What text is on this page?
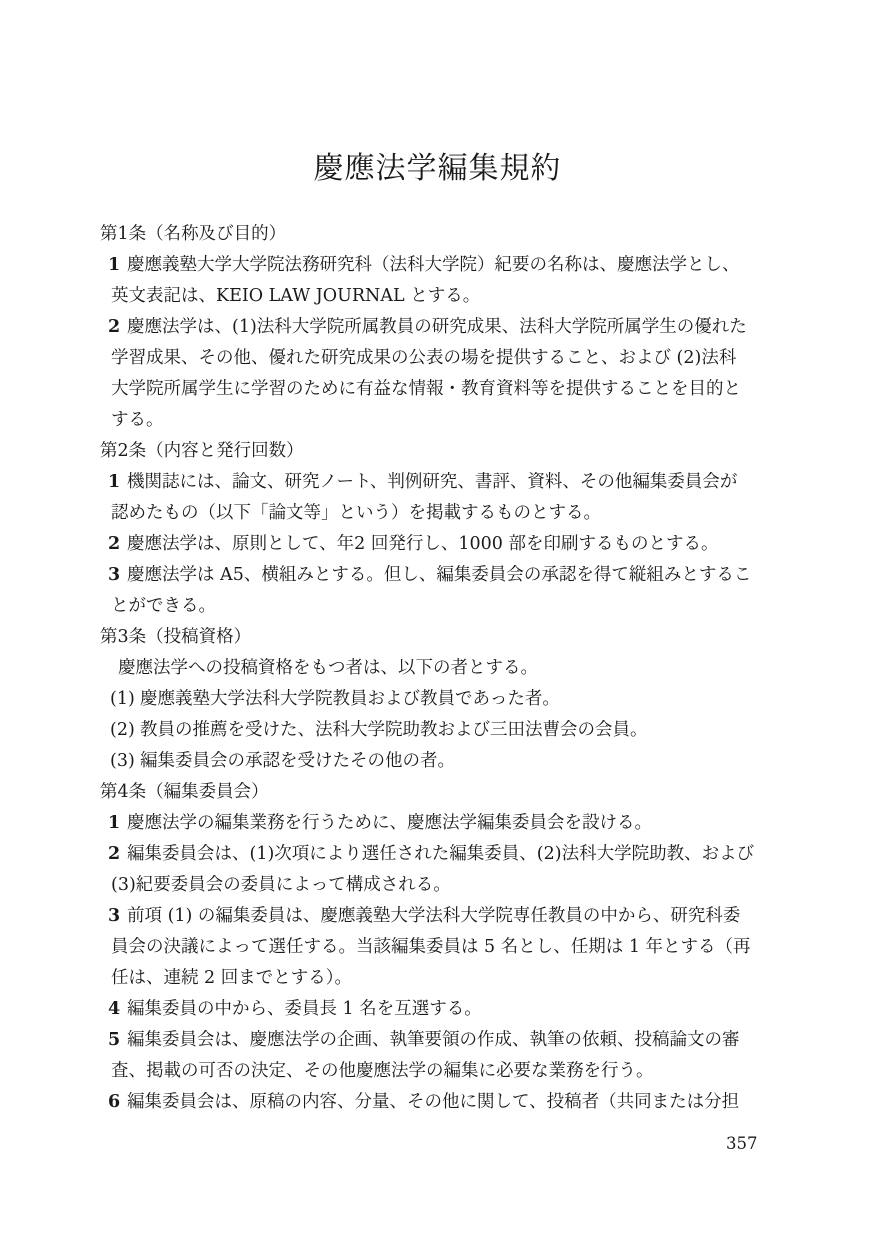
慶應法学編集規約
第1条（名称及び目的）
1 慶應義塾大学大学院法務研究科（法科大学院）紀要の名称は、慶應法学とし、
英文表記は、KEIO LAW JOURNAL とする。
2 慶應法学は、(1)法科大学院所属教員の研究成果、法科大学院所属学生の優れた
学習成果、その他、優れた研究成果の公表の場を提供すること、および (2)法科
大学院所属学生に学習のために有益な情報・教育資料等を提供することを目的と
する。
第2条（内容と発行回数）
1 機関誌には、論文、研究ノート、判例研究、書評、資料、その他編集委員会が
認めたもの（以下「論文等」という）を掲載するものとする。
2 慶應法学は、原則として、年2 回発行し、1000 部を印刷するものとする。
3 慶應法学は A5、横組みとする。但し、編集委員会の承認を得て縦組みとするこ
とができる。
第3条（投稿資格）
慶應法学への投稿資格をもつ者は、以下の者とする。
(1) 慶應義塾大学法科大学院教員および教員であった者。
(2) 教員の推薦を受けた、法科大学院助教および三田法曹会の会員。
(3) 編集委員会の承認を受けたその他の者。
第4条（編集委員会）
1 慶應法学の編集業務を行うために、慶應法学編集委員会を設ける。
2 編集委員会は、(1)次項により選任された編集委員、(2)法科大学院助教、および
(3)紀要委員会の委員によって構成される。
3 前項 (1) の編集委員は、慶應義塾大学法科大学院専任教員の中から、研究科委
員会の決議によって選任する。当該編集委員は 5 名とし、任期は 1 年とする（再
任は、連続 2 回までとする）。
4 編集委員の中から、委員長 1 名を互選する。
5 編集委員会は、慶應法学の企画、執筆要領の作成、執筆の依頼、投稿論文の審
査、掲載の可否の決定、その他慶應法学の編集に必要な業務を行う。
6 編集委員会は、原稿の内容、分量、その他に関して、投稿者（共同または分担
357
